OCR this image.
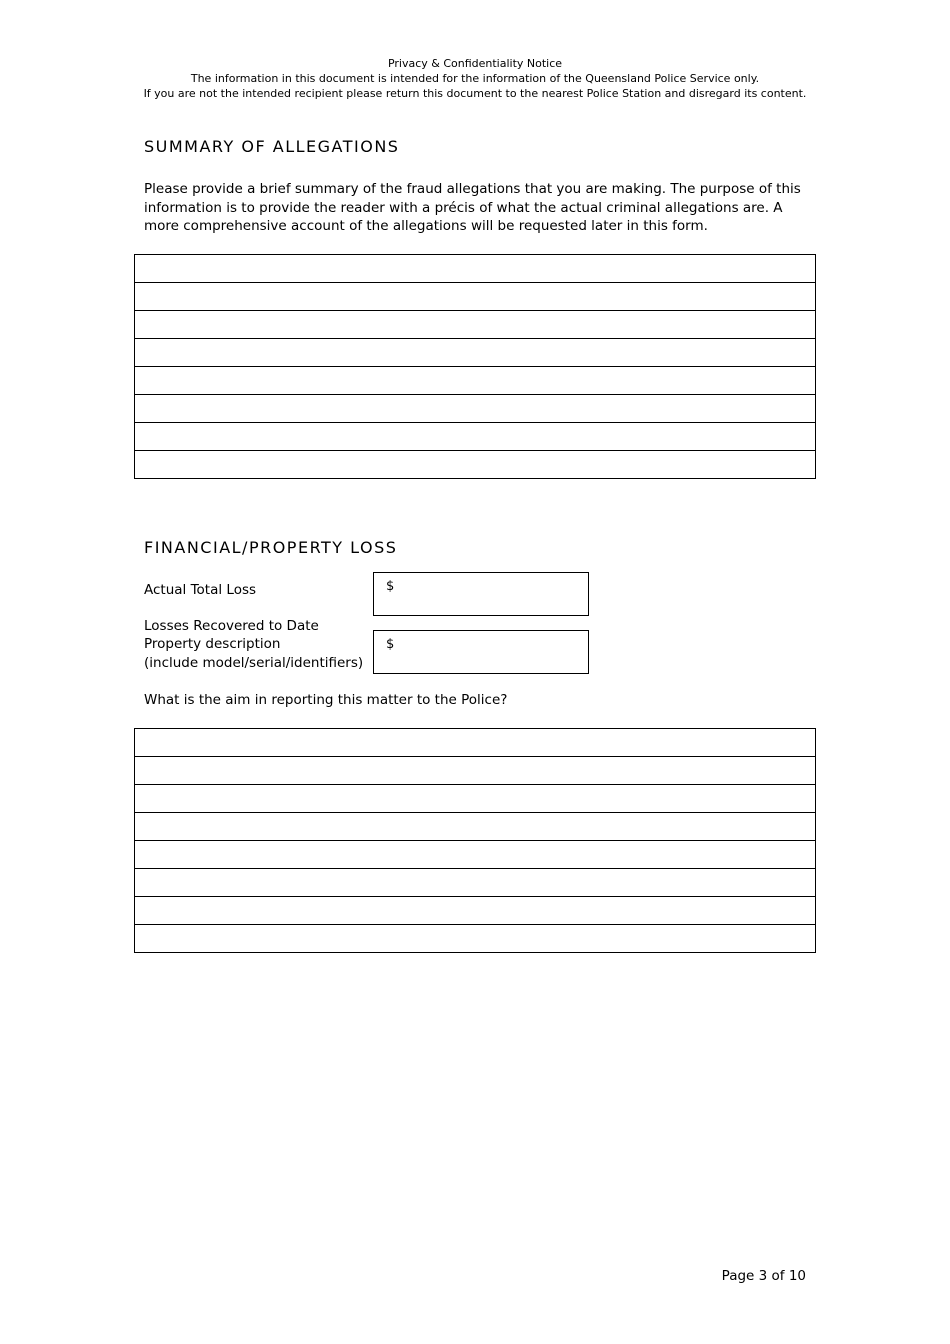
Privacy & Confidentiality Notice
The information in this document is intended for the information of the Queensland Police Service only.
If you are not the intended recipient please return this document to the nearest Police Station and disregard its content.
SUMMARY OF ALLEGATIONS
Please provide a brief summary of the fraud allegations that you are making. The purpose of this information is to provide the reader with a précis of what the actual criminal allegations are. A more comprehensive account of the allegations will be requested later in this form.
FINANCIAL/PROPERTY LOSS
Actual Total Loss	$
Losses Recovered to Date
Property description
(include model/serial/identifiers)
$
What is the aim in reporting this matter to the Police?
Page 3 of 10
